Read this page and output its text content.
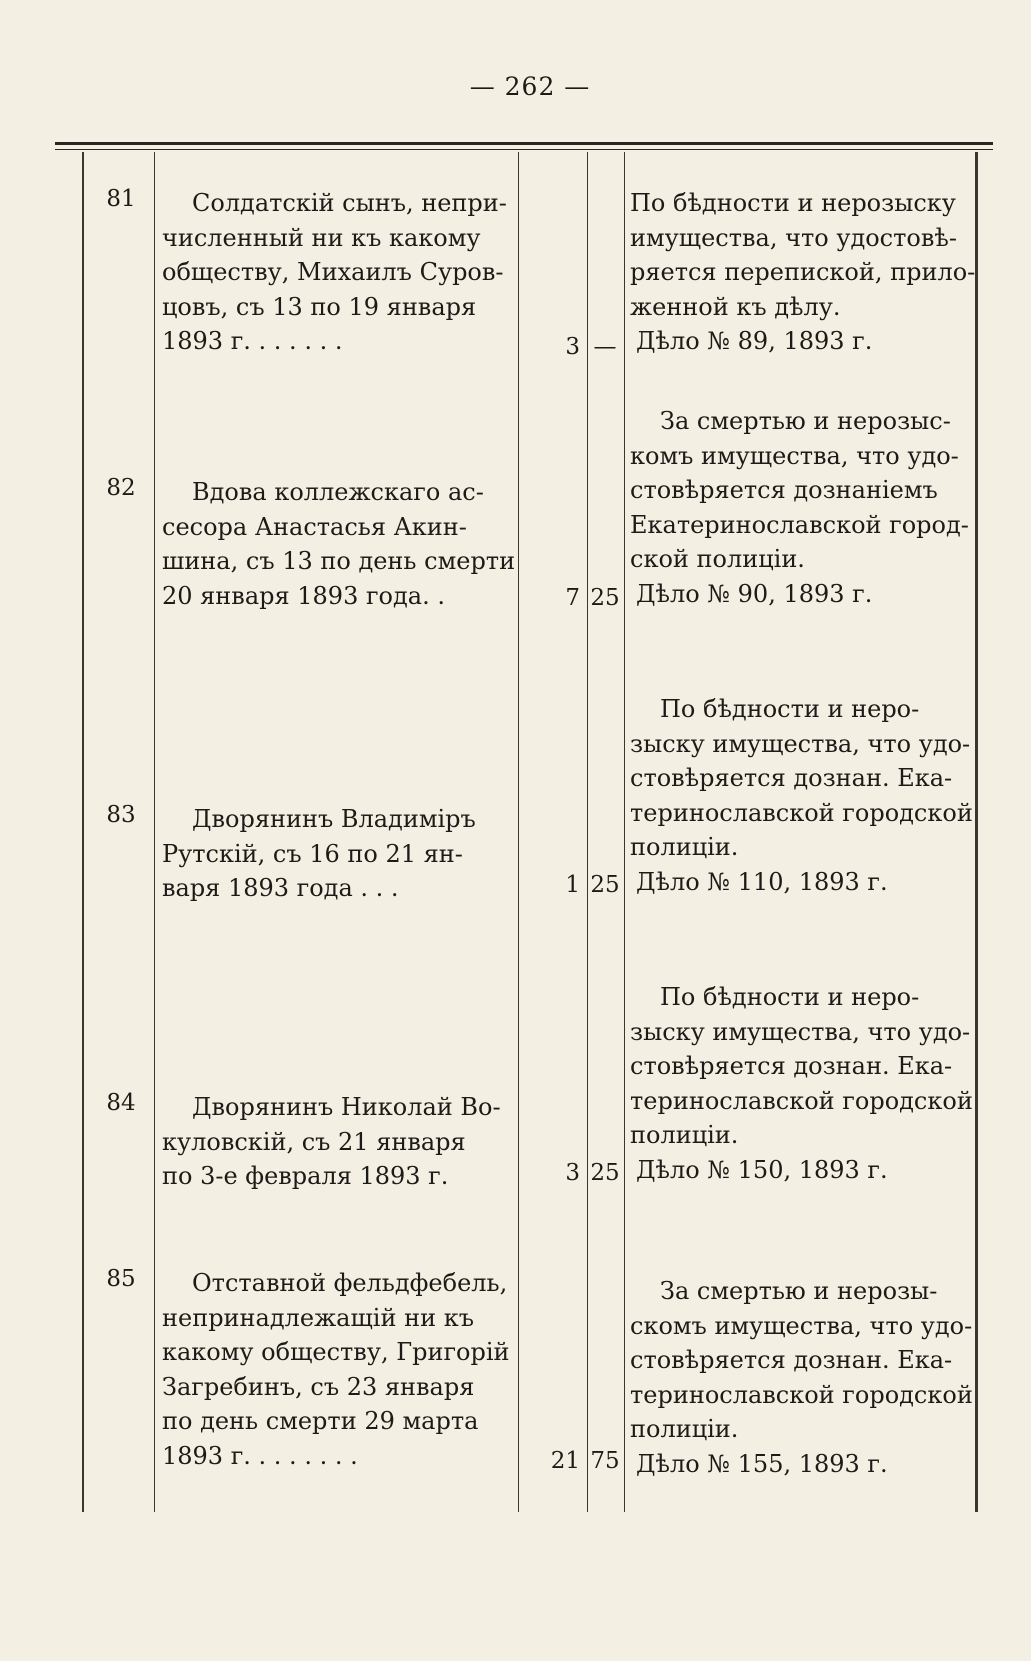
— 262 —
81	Солдатскій сынъ, непри-
численный ни къ какому
обществу, Михаилъ Суров-
цовъ, съ 13 по 19 января
1893 г. . . . . . .	3 —
По бѣдности и нерозыску
имущества, что удостовѣ-
ряется перепиской, прило-
женной къ дѣлу.
Дѣло № 89, 1893 г.
82	Вдова коллежскаго ас-
сесора Анастасья Акин-
шина, съ 13 по день смерти
20 января 1893 года. .	7 25
За смертью и нерозыс-
комъ имущества, что удо-
стовѣряется дознаніемъ
Екатеринославской город-
ской полиціи.
Дѣло № 90, 1893 г.
83	Дворянинъ Владиміръ
Рутскій, съ 16 по 21 ян-
варя 1893 года . . .	1 25
По бѣдности и неро-
зыску имущества, что удо-
стовѣряется дознан. Ека-
теринославской городской
полиціи.
Дѣло № 110, 1893 г.
84	Дворянинъ Николай Во-
куловскій, съ 21 января
по 3-е февраля 1893 г.	3 25
По бѣдности и неро-
зыску имущества, что удо-
стовѣряется дознан. Ека-
теринославской городской
полиціи.
Дѣло № 150, 1893 г.
85	Отставной фельдфебель,
непринадлежащій ни къ
какому обществу, Григорій
Загребинъ, съ 23 января
по день смерти 29 марта
1893 г. . . . . . . .	21 75
За смертью и нерозы-
скомъ имущества, что удо-
стовѣряется дознан. Ека-
теринославской городской
полиціи.
Дѣло № 155, 1893 г.
